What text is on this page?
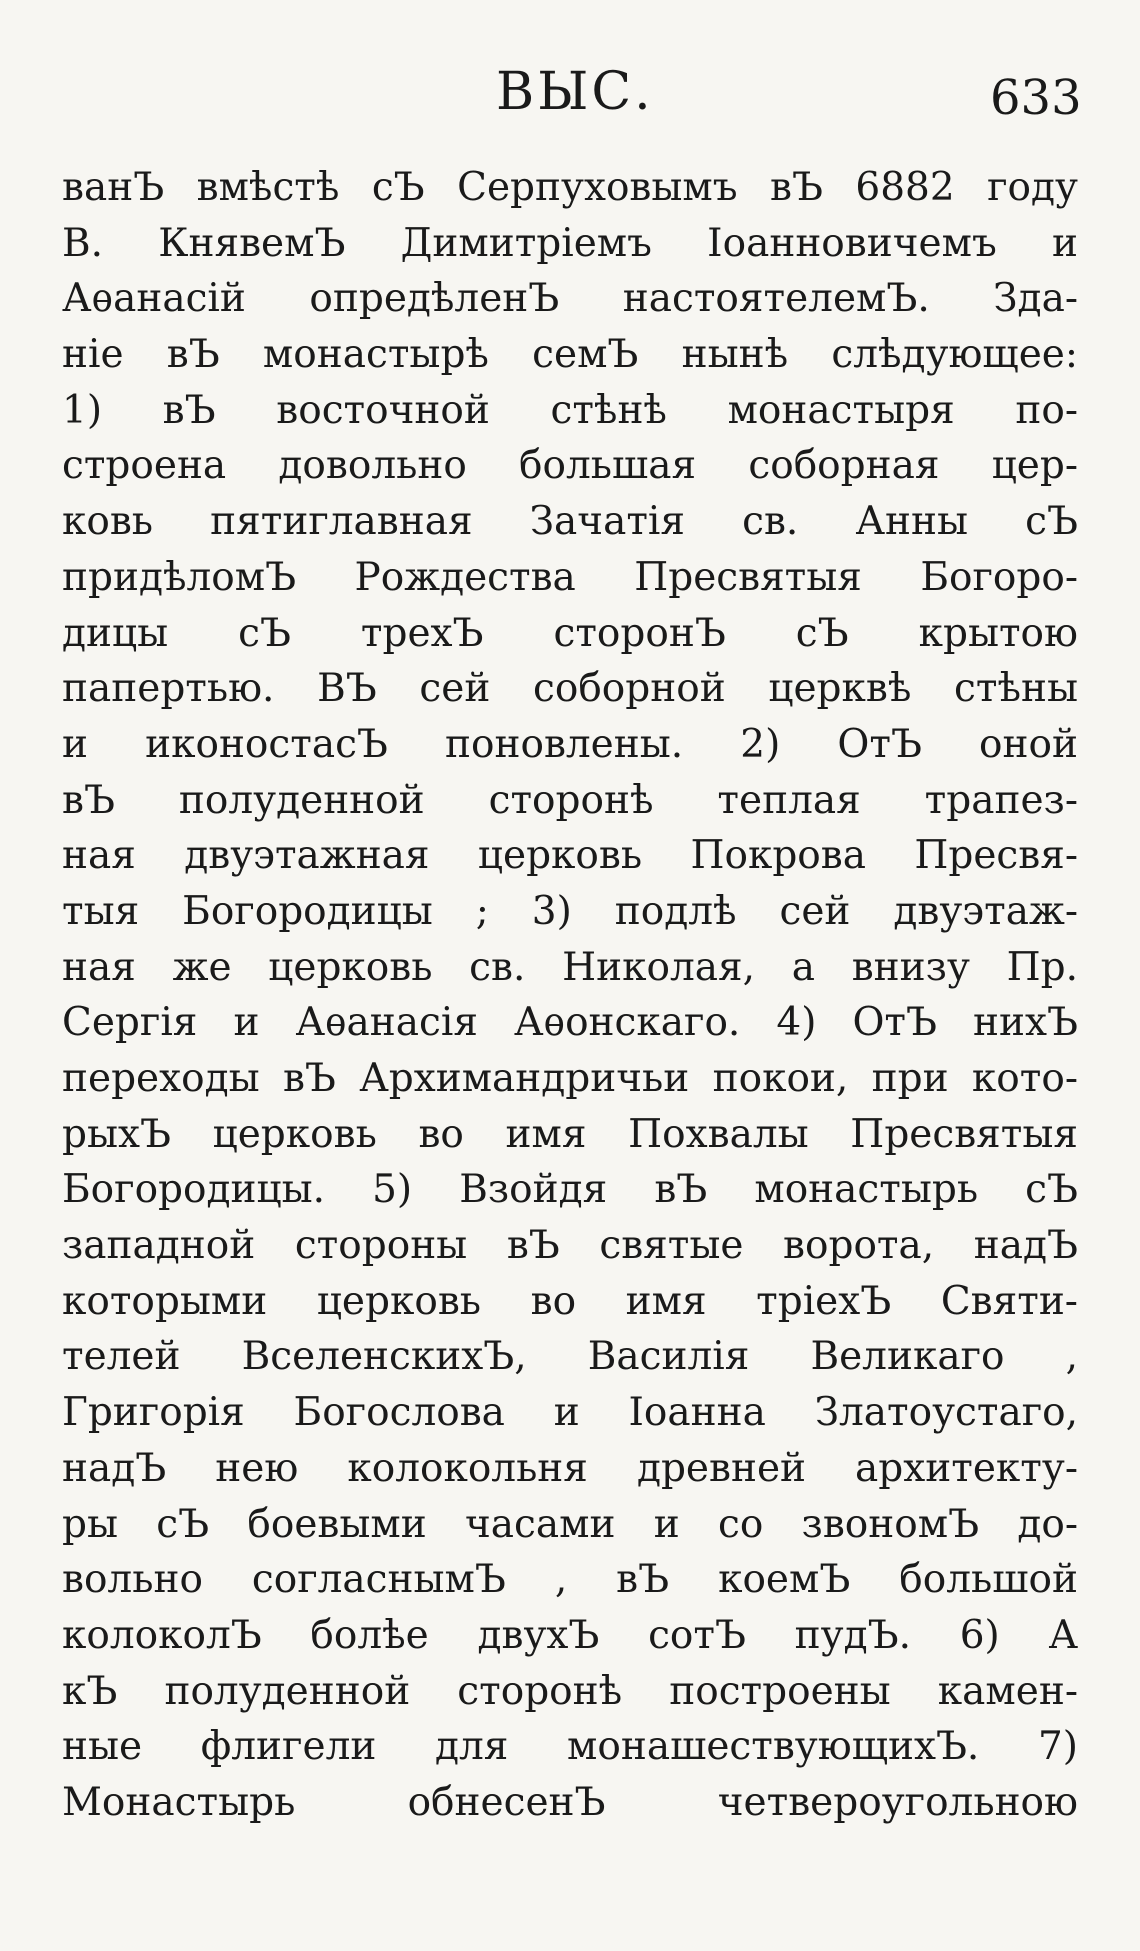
ВЫС.	633
ванЪ вмѣстѣ сЪ Серпуховымъ вЪ 6882 году
В. КнявемЪ Димитріемъ Іоанновичемъ и
Аѳанасій опредѣленЪ настоятелемЪ. Зда-
ніе вЪ монастырѣ семЪ нынѣ слѣдующее:
1) вЪ восточной стѣнѣ монастыря по-
строена довольно большая соборная цер-
ковь пятиглавная Зачатія св. Анны сЪ
придѣломЪ Рождества Пресвятыя Богоро-
дицы сЪ трехЪ сторонЪ сЪ крытою
папертью. ВЪ сей соборной церквѣ стѣны
и иконостасЪ поновлены. 2) ОтЪ оной
вЪ полуденной сторонѣ теплая трапез-
ная двуэтажная церковь Покрова Пресвя-
тыя Богородицы ; 3) подлѣ сей двуэтаж-
ная же церковь св. Николая, а внизу Пр.
Сергія и Аѳанасія Аѳонскаго. 4) ОтЪ нихЪ
переходы вЪ Архимандричьи покои, при кото-
рыхЪ церковь во имя Похвалы Пресвятыя
Богородицы. 5) Взойдя вЪ монастырь сЪ
западной стороны вЪ святые ворота, надЪ
которыми церковь во имя тріехЪ Святи-
телей ВселенскихЪ, Василія Великаго ,
Григорія Богослова и Іоанна Златоустаго,
надЪ нею колокольня древней архитекту-
ры сЪ боевыми часами и со звономЪ до-
вольно согласнымЪ , вЪ коемЪ большой
колоколЪ болѣе двухЪ сотЪ пудЪ. 6) А
кЪ полуденной сторонѣ построены камен-
ные флигели для монашествующихЪ. 7)
Монастырь обнесенЪ четвероугольною
